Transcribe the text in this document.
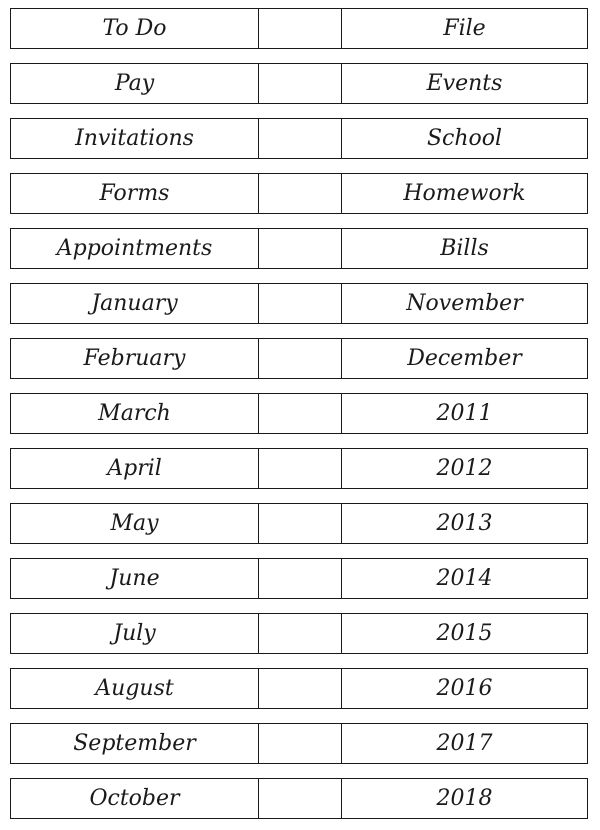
To Do	File
Pay	Events
Invitations	School
Forms	Homework
Appointments	Bills
January	November
February	December
March	2011
April	2012
May	2013
June	2014
July	2015
August	2016
September	2017
October	2018
